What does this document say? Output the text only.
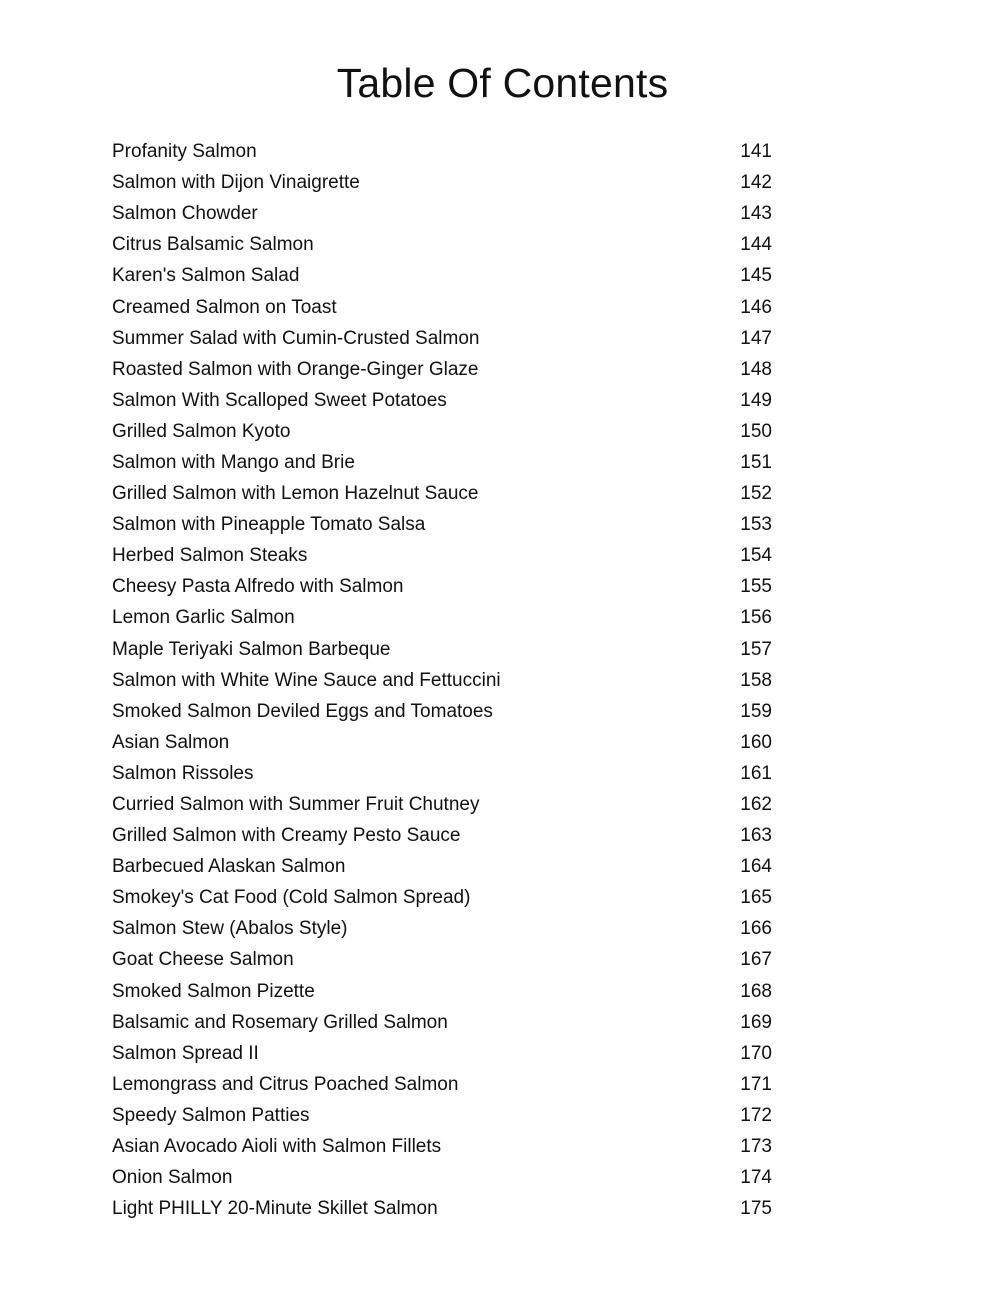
Table Of Contents
Profanity Salmon	141
Salmon with Dijon Vinaigrette	142
Salmon Chowder	143
Citrus Balsamic Salmon	144
Karen's Salmon Salad	145
Creamed Salmon on Toast	146
Summer Salad with Cumin-Crusted Salmon	147
Roasted Salmon with Orange-Ginger Glaze	148
Salmon With Scalloped Sweet Potatoes	149
Grilled Salmon Kyoto	150
Salmon with Mango and Brie	151
Grilled Salmon with Lemon Hazelnut Sauce	152
Salmon with Pineapple Tomato Salsa	153
Herbed Salmon Steaks	154
Cheesy Pasta Alfredo with Salmon	155
Lemon Garlic Salmon	156
Maple Teriyaki Salmon Barbeque	157
Salmon with White Wine Sauce and Fettuccini	158
Smoked Salmon Deviled Eggs and Tomatoes	159
Asian Salmon	160
Salmon Rissoles	161
Curried Salmon with Summer Fruit Chutney	162
Grilled Salmon with Creamy Pesto Sauce	163
Barbecued Alaskan Salmon	164
Smokey's Cat Food (Cold Salmon Spread)	165
Salmon Stew (Abalos Style)	166
Goat Cheese Salmon	167
Smoked Salmon Pizette	168
Balsamic and Rosemary Grilled Salmon	169
Salmon Spread II	170
Lemongrass and Citrus Poached Salmon	171
Speedy Salmon Patties	172
Asian Avocado Aioli with Salmon Fillets	173
Onion Salmon	174
Light PHILLY 20-Minute Skillet Salmon	175
